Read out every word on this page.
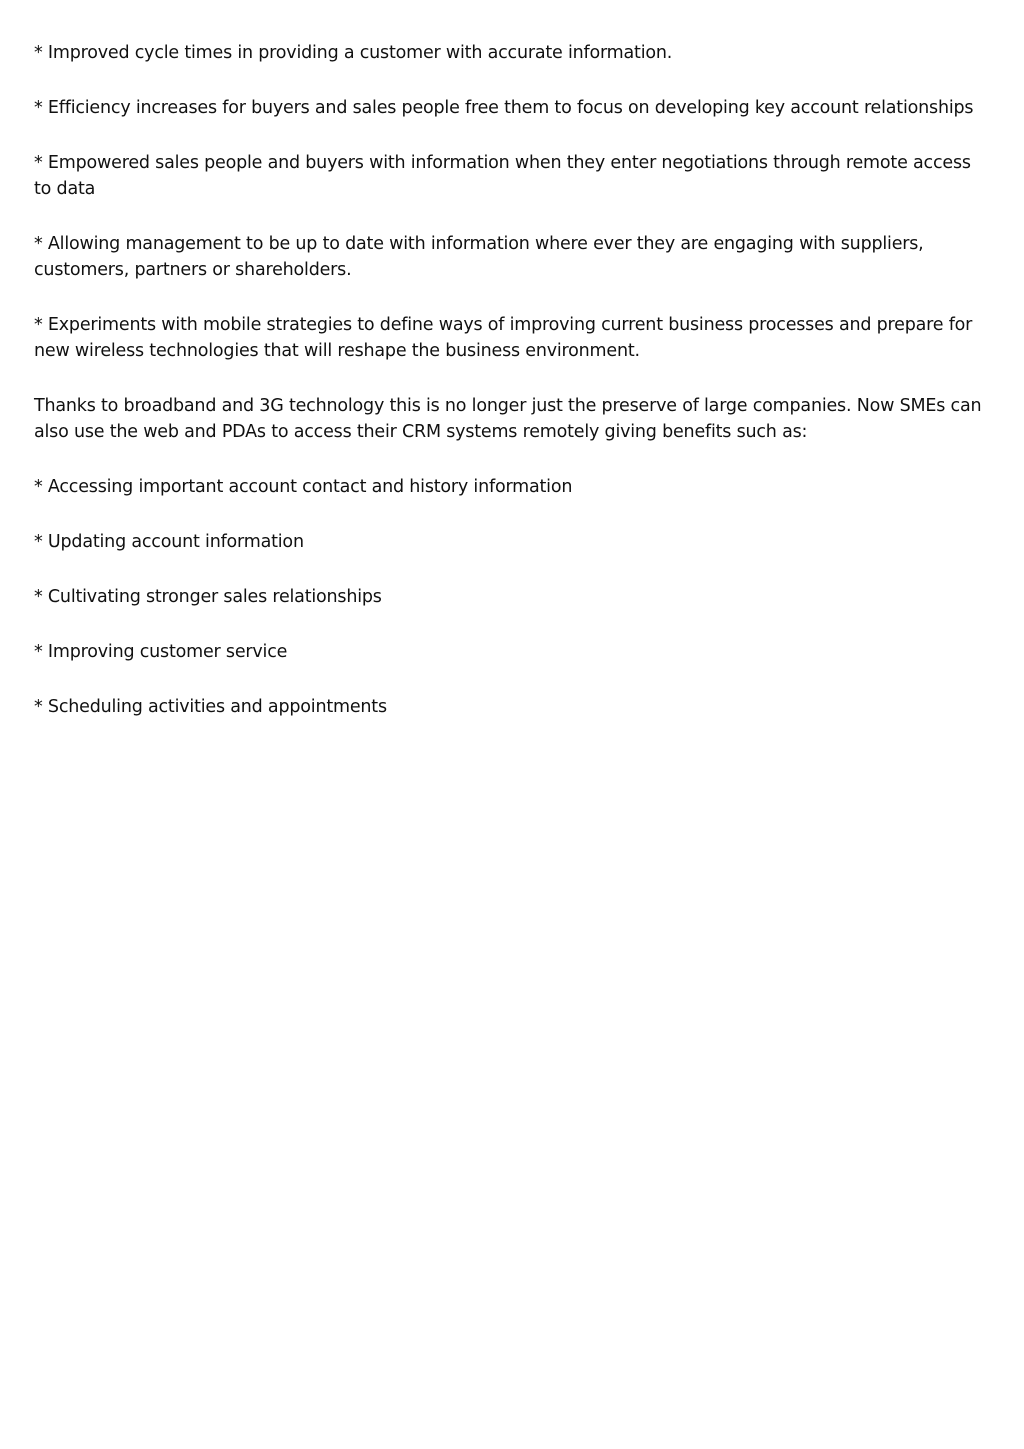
* Improved cycle times in providing a customer with accurate information.

* Efficiency increases for buyers and sales people free them to focus on developing key account relationships

* Empowered sales people and buyers with information when they enter negotiations through remote access to data

* Allowing management to be up to date with information where ever they are engaging with suppliers, customers, partners or shareholders.

* Experiments with mobile strategies to define ways of improving current business processes and prepare for new wireless technologies that will reshape the business environment.

Thanks to broadband and 3G technology this is no longer just the preserve of large companies. Now SMEs can also use the web and PDAs to access their CRM systems remotely giving benefits such as:

* Accessing important account contact and history information

* Updating account information

* Cultivating stronger sales relationships

* Improving customer service

* Scheduling activities and appointments
